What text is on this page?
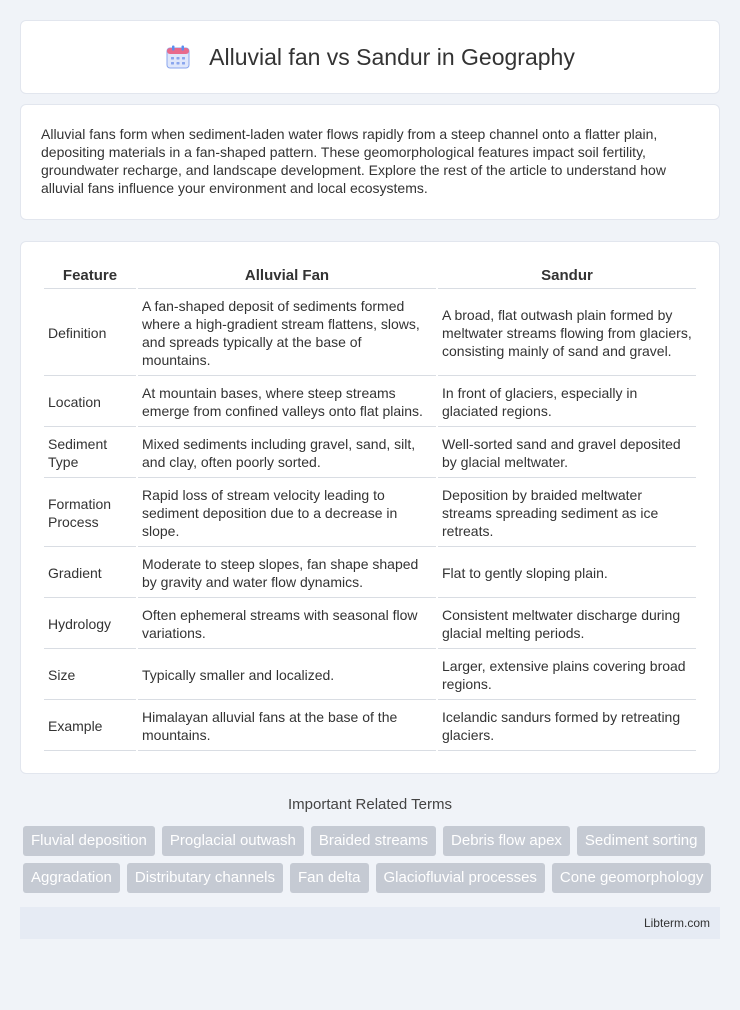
Alluvial fan vs Sandur in Geography

Alluvial fans form when sediment-laden water flows rapidly from a steep channel onto a flatter plain, depositing materials in a fan-shaped pattern. These geomorphological features impact soil fertility, groundwater recharge, and landscape development. Explore the rest of the article to understand how alluvial fans influence your environment and local ecosystems.

Feature	Alluvial Fan	Sandur
Definition	A fan-shaped deposit of sediments formed where a high-gradient stream flattens, slows, and spreads typically at the base of mountains.	A broad, flat outwash plain formed by meltwater streams flowing from glaciers, consisting mainly of sand and gravel.
Location	At mountain bases, where steep streams emerge from confined valleys onto flat plains.	In front of glaciers, especially in glaciated regions.
Sediment Type	Mixed sediments including gravel, sand, silt, and clay, often poorly sorted.	Well-sorted sand and gravel deposited by glacial meltwater.
Formation Process	Rapid loss of stream velocity leading to sediment deposition due to a decrease in slope.	Deposition by braided meltwater streams spreading sediment as ice retreats.
Gradient	Moderate to steep slopes, fan shape shaped by gravity and water flow dynamics.	Flat to gently sloping plain.
Hydrology	Often ephemeral streams with seasonal flow variations.	Consistent meltwater discharge during glacial melting periods.
Size	Typically smaller and localized.	Larger, extensive plains covering broad regions.
Example	Himalayan alluvial fans at the base of the mountains.	Icelandic sandurs formed by retreating glaciers.
Important Related Terms
Fluvial deposition	Proglacial outwash	Braided streams	Debris flow apex	Sediment sorting
Aggradation	Distributary channels	Fan delta	Glaciofluvial processes	Cone geomorphology
Libterm.com
